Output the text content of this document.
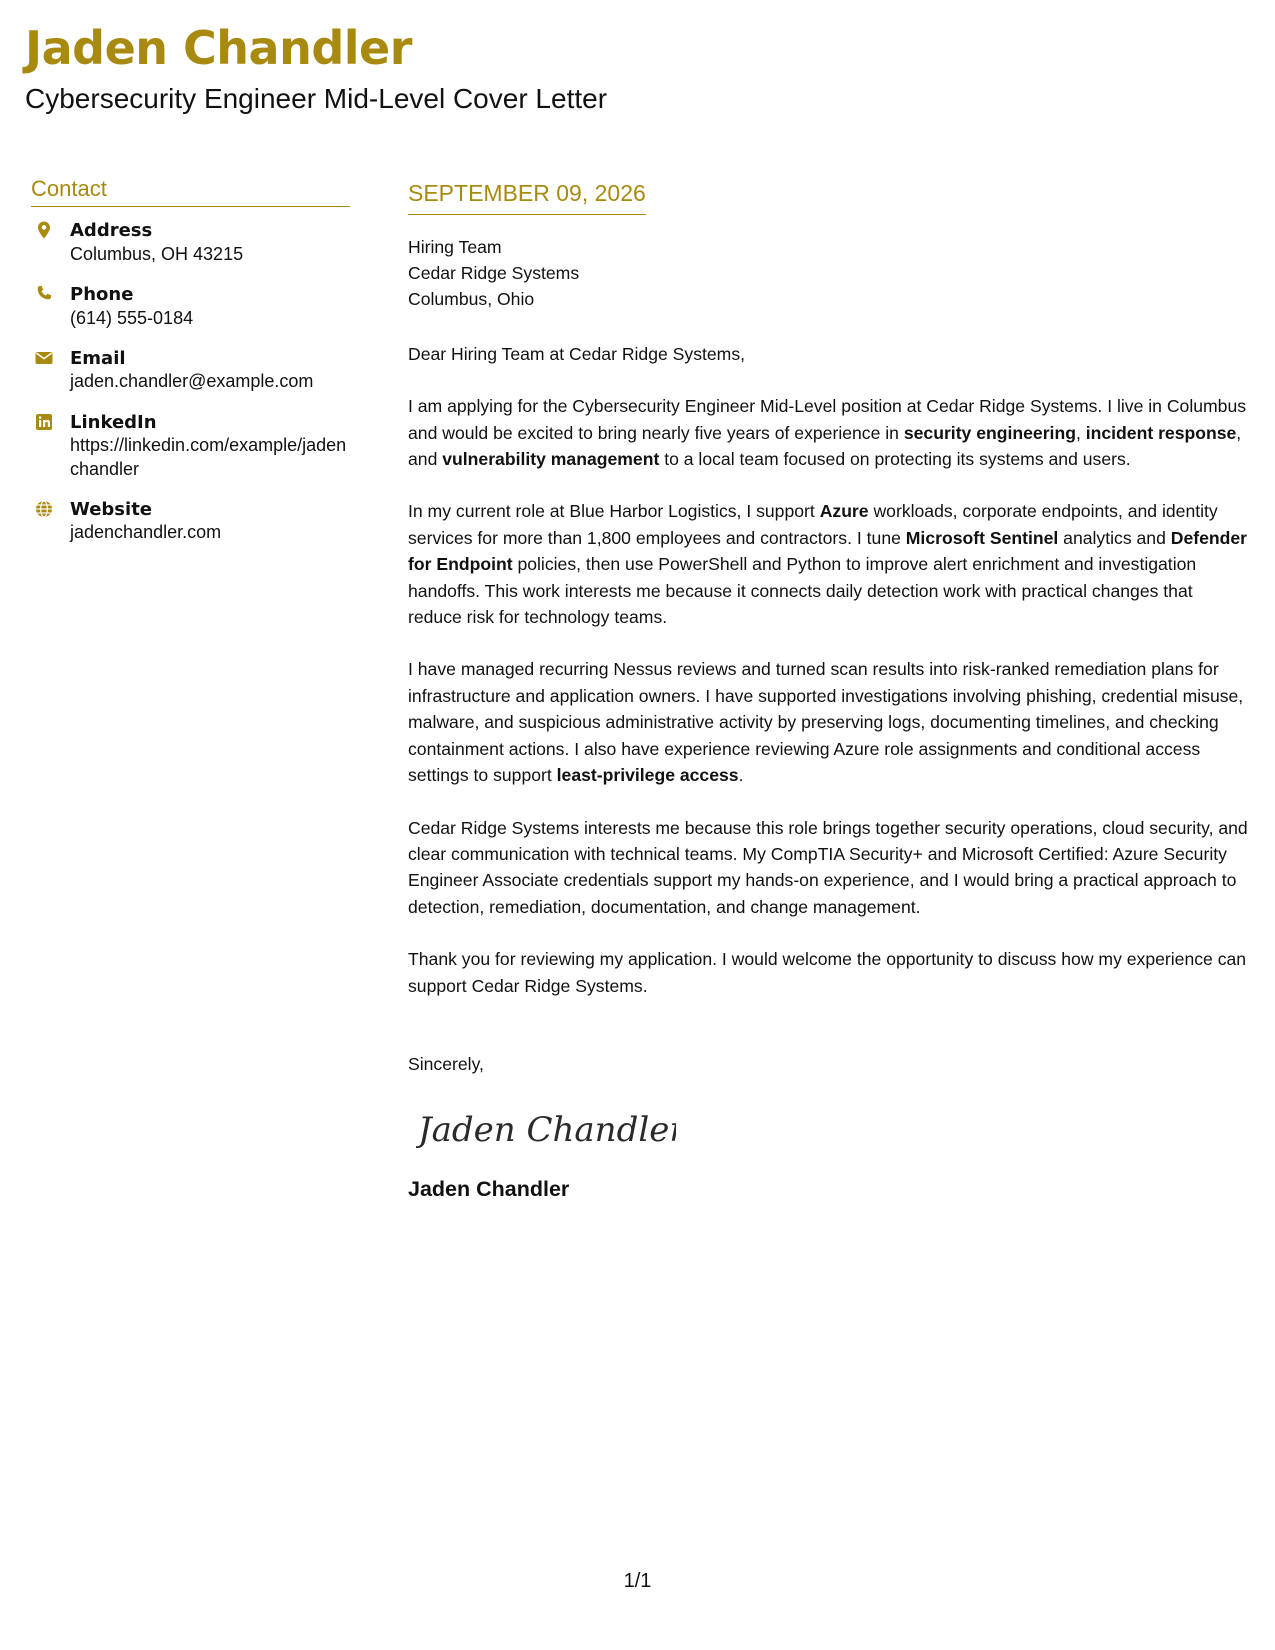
Jaden Chandler
Cybersecurity Engineer Mid-Level Cover Letter
Contact
Address
Columbus, OH 43215
Phone
(614) 555-0184
Email
jaden.chandler@example.com
LinkedIn
https://linkedin.com/example/jadenchandler
Website
jadenchandler.com
SEPTEMBER 09, 2026
Hiring Team
Cedar Ridge Systems
Columbus, Ohio
Dear Hiring Team at Cedar Ridge Systems,

I am applying for the Cybersecurity Engineer Mid-Level position at Cedar Ridge Systems. I live in Columbus and would be excited to bring nearly five years of experience in security engineering, incident response, and vulnerability management to a local team focused on protecting its systems and users.

In my current role at Blue Harbor Logistics, I support Azure workloads, corporate endpoints, and identity services for more than 1,800 employees and contractors. I tune Microsoft Sentinel analytics and Defender for Endpoint policies, then use PowerShell and Python to improve alert enrichment and investigation handoffs. This work interests me because it connects daily detection work with practical changes that reduce risk for technology teams.

I have managed recurring Nessus reviews and turned scan results into risk-ranked remediation plans for infrastructure and application owners. I have supported investigations involving phishing, credential misuse, malware, and suspicious administrative activity by preserving logs, documenting timelines, and checking containment actions. I also have experience reviewing Azure role assignments and conditional access settings to support least-privilege access.

Cedar Ridge Systems interests me because this role brings together security operations, cloud security, and clear communication with technical teams. My CompTIA Security+ and Microsoft Certified: Azure Security Engineer Associate credentials support my hands-on experience, and I would bring a practical approach to detection, remediation, documentation, and change management.

Thank you for reviewing my application. I would welcome the opportunity to discuss how my experience can support Cedar Ridge Systems.

Sincerely,
Jaden Chandler
Jaden Chandler
1/1
